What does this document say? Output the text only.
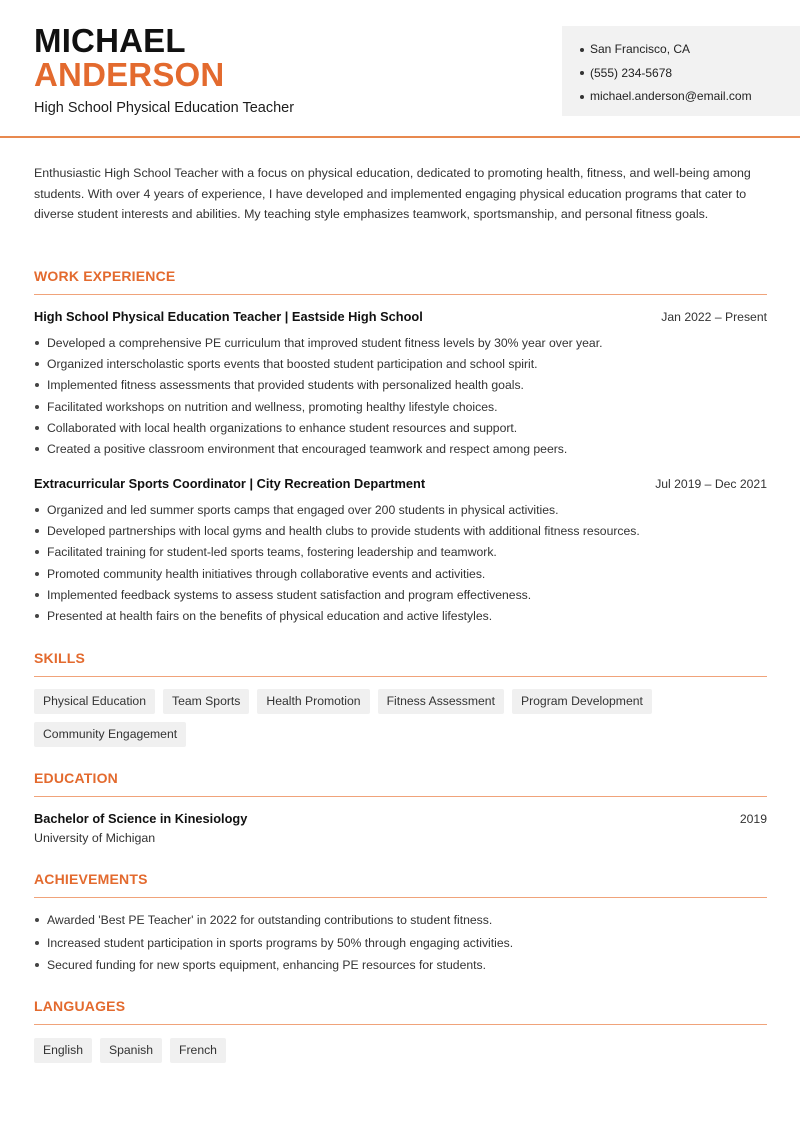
MICHAEL
ANDERSON
High School Physical Education Teacher
San Francisco, CA
(555) 234-5678
michael.anderson@email.com

Enthusiastic High School Teacher with a focus on physical education, dedicated to promoting health, fitness, and well-being among students. With over 4 years of experience, I have developed and implemented engaging physical education programs that cater to diverse student interests and abilities. My teaching style emphasizes teamwork, sportsmanship, and personal fitness goals.

WORK EXPERIENCE
High School Physical Education Teacher | Eastside High School	Jan 2022 – Present
Developed a comprehensive PE curriculum that improved student fitness levels by 30% year over year.
Organized interscholastic sports events that boosted student participation and school spirit.
Implemented fitness assessments that provided students with personalized health goals.
Facilitated workshops on nutrition and wellness, promoting healthy lifestyle choices.
Collaborated with local health organizations to enhance student resources and support.
Created a positive classroom environment that encouraged teamwork and respect among peers.
Extracurricular Sports Coordinator | City Recreation Department	Jul 2019 – Dec 2021
Organized and led summer sports camps that engaged over 200 students in physical activities.
Developed partnerships with local gyms and health clubs to provide students with additional fitness resources.
Facilitated training for student-led sports teams, fostering leadership and teamwork.
Promoted community health initiatives through collaborative events and activities.
Implemented feedback systems to assess student satisfaction and program effectiveness.
Presented at health fairs on the benefits of physical education and active lifestyles.
SKILLS
Physical Education	Team Sports	Health Promotion	Fitness Assessment	Program Development
Community Engagement
EDUCATION
Bachelor of Science in Kinesiology	2019
University of Michigan
ACHIEVEMENTS
Awarded 'Best PE Teacher' in 2022 for outstanding contributions to student fitness.
Increased student participation in sports programs by 50% through engaging activities.
Secured funding for new sports equipment, enhancing PE resources for students.
LANGUAGES
English	Spanish	French
